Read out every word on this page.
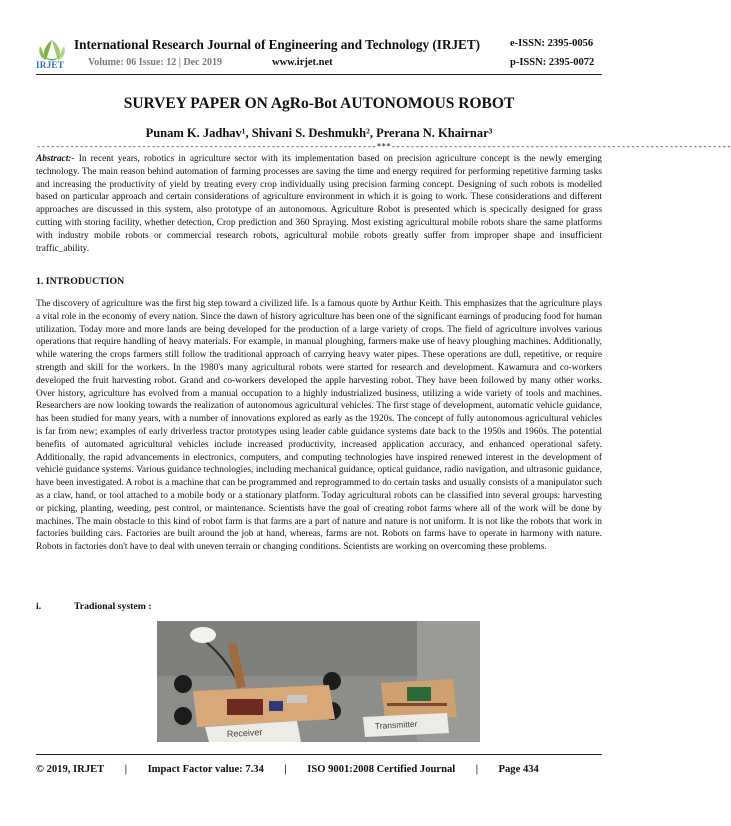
IRJET
International Research Journal of Engineering and Technology (IRJET)	e-ISSN: 2395-0056
Volume: 06 Issue: 12 | Dec 2019	www.irjet.net	p-ISSN: 2395-0072
SURVEY PAPER ON AgRo-Bot AUTONOMOUS ROBOT
Punam K. Jadhav¹, Shivani S. Deshmukh², Prerana N. Khairnar³
-----------------------------------------------------------------------***-----------------------------------------------------------------------
Abstract:- In recent years, robotics in agriculture sector with its implementation based on precision agriculture concept is the newly emerging technology. The main reason behind automation of farming processes are saving the time and energy required for performing repetitive farming tasks and increasing the productivity of yield by treating every crop individually using precision farming concept. Designing of such robots is modelled based on particular approach and certain considerations of agriculture environment in which it is going to work. These considerations and different approaches are discussed in this system, also prototype of an autonomous. Agriculture Robot is presented which is specically designed for grass cutting with storing facility, whether detection, Crop prediction and 360 Spraying. Most existing agricultural mobile robots share the same platforms with industry mobile robots or commercial research robots, agricultural mobile robots greatly suffer from improper shape and insufficient traffic_ability.
1. INTRODUCTION
The discovery of agriculture was the first big step toward a civilized life. Is a famous quote by Arthur Keith. This emphasizes that the agriculture plays a vital role in the economy of every nation. Since the dawn of history agriculture has been one of the significant earnings of producing food for human utilization. Today more and more lands are being developed for the production of a large variety of crops. The field of agriculture involves various operations that require handling of heavy materials. For example, in manual ploughing, farmers make use of heavy ploughing machines. Additionally, while watering the crops farmers still follow the traditional approach of carrying heavy water pipes. These operations are dull, repetitive, or require strength and skill for the workers. In the 1980's many agricultural robots were started for research and development. Kawamura and co-workers developed the fruit harvesting robot. Grand and co-workers developed the apple harvesting robot. They have been followed by many other works. Over history, agriculture has evolved from a manual occupation to a highly industrialized business, utilizing a wide variety of tools and machines. Researchers are now looking towards the realization of autonomous agricultural vehicles. The first stage of development, automatic vehicle guidance, has been studied for many years, with a number of innovations explored as early as the 1920s. The concept of fully autonomous agricultural vehicles is far from new; examples of early driverless tractor prototypes using leader cable guidance systems date back to the 1950s and 1960s. The potential benefits of automated agricultural vehicles include increased productivity, increased application accuracy, and enhanced operational safety. Additionally, the rapid advancements in electronics, computers, and computing technologies have inspired renewed interest in the development of vehicle guidance systems. Various guidance technologies, including mechanical guidance, optical guidance, radio navigation, and ultrasonic guidance, have been investigated. A robot is a machine that can be programmed and reprogrammed to do certain tasks and usually consists of a manipulator such as a claw, hand, or tool attached to a mobile body or a stationary platform. Today agricultural robots can be classified into several groups: harvesting or picking, planting, weeding, pest control, or maintenance. Scientists have the goal of creating robot farms where all of the work will be done by machines. The main obstacle to this kind of robot farm is that farms are a part of nature and nature is not uniform. It is not like the robots that work in factories building cars. Factories are built around the job at hand, whereas, farms are not. Robots on farms have to operate in harmony with nature. Robots in factories don't have to deal with uneven terrain or changing conditions. Scientists are working on overcoming these problems.
i.	Tradional system :
Receiver
Transmitter
© 2019, IRJET | Impact Factor value: 7.34 | ISO 9001:2008 Certified Journal | Page 434
